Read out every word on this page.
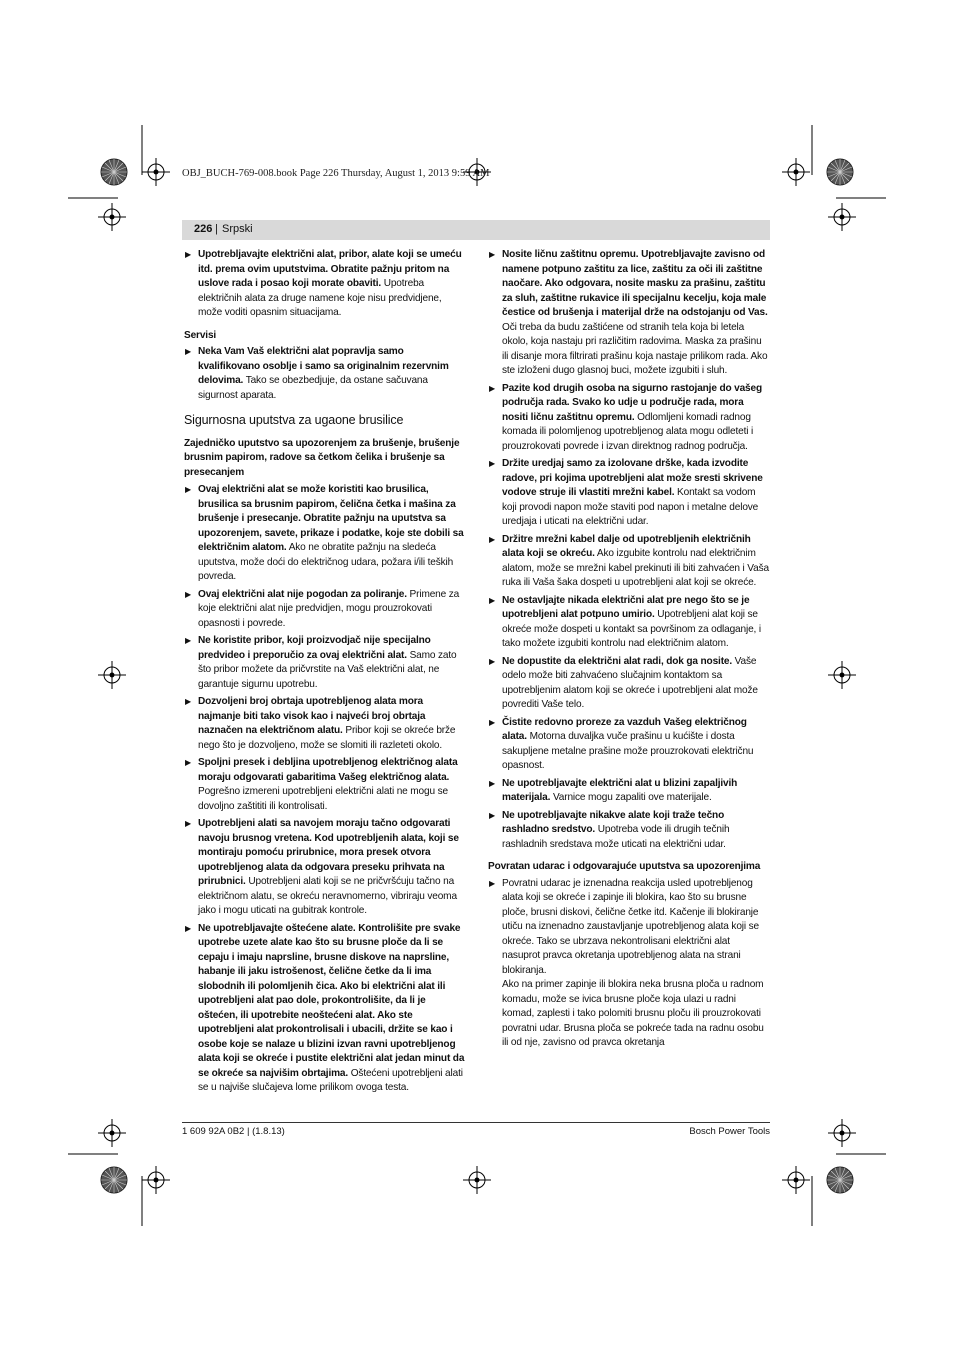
OBJ_BUCH-769-008.book Page 226 Thursday, August 1, 2013 9:59 AM
226 | Srpski
▶ Upotrebljavajte električni alat, pribor, alate koji se umeću itd. prema ovim uputstvima. Obratite pažnju pritom na uslove rada i posao koji morate obaviti. Upotreba električnih alata za druge namene koje nisu predvidjene, može voditi opasnim situacijama.
Servisi
▶ Neka Vam Vaš električni alat popravlja samo kvalifikovano osoblje i samo sa originalnim rezervnim delovima. Tako se obezbedjuje, da ostane sačuvana sigurnost aparata.
Sigurnosna uputstva za ugaone brusilice
Zajedničko uputstvo sa upozorenjem za brušenje, brušenje brusnim papirom, radove sa četkom čelika i brušenje sa presecanjem
▶ Ovaj električni alat se može koristiti kao brusilica, brusilica sa brusnim papirom, čelična četka i mašina za brušenje i presecanje. Obratite pažnju na uputstva sa upozorenjem, savete, prikaze i podatke, koje ste dobili sa električnim alatom. Ako ne obratite pažnju na sledeća uputstva, može doći do električnog udara, požara i/ili teških povreda.
▶ Ovaj električni alat nije pogodan za poliranje. Primene za koje električni alat nije predvidjen, mogu prouzrokovati opasnosti i povrede.
▶ Ne koristite pribor, koji proizvodjač nije specijalno predvideo i preporučio za ovaj električni alat. Samo zato što pribor možete da pričvrstite na Vaš električni alat, ne garantuje sigurnu upotrebu.
▶ Dozvoljeni broj obrtaja upotrebljenog alata mora najmanje biti tako visok kao i najveći broj obrtaja naznačen na električnom alatu. Pribor koji se okreće brže nego što je dozvoljeno, može se slomiti ili razleteti okolo.
▶ Spoljni presek i debljina upotrebljenog električnog alata moraju odgovarati gabaritima Vašeg električnog alata. Pogrešno izmereni upotrebljeni električni alati ne mogu se dovoljno zaštititi ili kontrolisati.
▶ Upotrebljeni alati sa navojem moraju tačno odgovarati navoju brusnog vretena. Kod upotrebljenih alata, koji se montiraju pomoću prirubnice, mora presek otvora upotrebljenog alata da odgovara preseku prihvata na prirubnici. Upotrebljeni alati koji se ne pričvršćuju tačno na električnom alatu, se okreću neravnomerno, vibriraju veoma jako i mogu uticati na gubitrak kontrole.
▶ Ne upotrebljavajte oštećene alate. Kontrolišite pre svake upotrebe uzete alate kao što su brusne ploče da li se cepaju i imaju naprsline, brusne diskove na naprsline, habanje ili jaku istrošenost, čelične četke da li ima slobodnih ili polomljenih čica. Ako bi električni alat ili upotrebljeni alat pao dole, prokontrolišite, da li je oštećen, ili upotrebite neoštećeni alat. Ako ste upotrebljeni alat prokontrolisali i ubacili, držite se kao i osobe koje se nalaze u blizini izvan ravni upotrebljenog alata koji se okreće i pustite električni alat jedan minut da se okreće sa najvišim obrtajima. Oštećeni upotrebljeni alati se u najviše slučajeva lome prilikom ovoga testa.
▶ Nosite ličnu zaštitnu opremu. Upotrebljavajte zavisno od namene potpuno zaštitu za lice, zaštitu za oči ili zaštitne naočare. Ako odgovara, nosite masku za prašinu, zaštitu za sluh, zaštitne rukavice ili specijalnu kecelju, koja male čestice od brušenja i materijal drže na odstojanju od Vas. Oči treba da budu zaštićene od stranih tela koja bi letela okolo, koja nastaju pri različitim radovima. Maska za prašinu ili disanje mora filtrirati prašinu koja nastaje prilikom rada. Ako ste izloženi dugo glasnoj buci, možete izgubiti i sluh.
▶ Pazite kod drugih osoba na sigurno rastojanje do vašeg područja rada. Svako ko udje u područje rada, mora nositi ličnu zaštitnu opremu. Odlomljeni komadi radnog komada ili polomljenog upotrebljenog alata mogu odleteti i prouzrokovati povrede i izvan direktnog radnog područja.
▶ Držite uredjaj samo za izolovane drške, kada izvodite radove, pri kojima upotrebljeni alat može sresti skrivene vodove struje ili vlastiti mrežni kabel. Kontakt sa vodom koji provodi napon može staviti pod napon i metalne delove uredjaja i uticati na električni udar.
▶ Držitre mrežni kabel dalje od upotrebljenih električnih alata koji se okreću. Ako izgubite kontrolu nad električnim alatom, može se mrežni kabel prekinuti ili biti zahvaćen i Vaša ruka ili Vaša šaka dospeti u upotrebljeni alat koji se okreće.
▶ Ne ostavljajte nikada električni alat pre nego što se je upotrebljeni alat potpuno umirio. Upotrebljeni alat koji se okreće može dospeti u kontakt sa površinom za odlaganje, i tako možete izgubiti kontrolu nad električnim alatom.
▶ Ne dopustite da električni alat radi, dok ga nosite. Vaše odelo može biti zahvaćeno slučajnim kontaktom sa upotrebljenim alatom koji se okreće i upotrebljeni alat može povrediti Vaše telo.
▶ Čistite redovno proreze za vazduh Vašeg električnog alata. Motorna duvaljka vuče prašinu u kućište i dosta sakupljene metalne prašine može prouzrokovati električnu opasnost.
▶ Ne upotrebljavajte električni alat u blizini zapaljivih materijala. Varnice mogu zapaliti ove materijale.
▶ Ne upotrebljavajte nikakve alate koji traže tečno rashladno sredstvo. Upotreba vode ili drugih tečnih rashladnih sredstava može uticati na električni udar.
Povratan udarac i odgovarajuće uputstva sa upozorenjima
▶ Povratni udarac je iznenadna reakcija usled upotrebljenog alata koji se okreće i zapinje ili blokira, kao što su brusne ploče, brusni diskovi, čelične četke itd. Kačenje ili blokiranje utiču na iznenadno zaustavljanje upotrebljenog alata koji se okreće. Tako se ubrzava nekontrolisani električni alat nasuprot pravca okretanja upotrebljenog alata na strani blokiranja.
Ako na primer zapinje ili blokira neka brusna ploča u radnom komadu, može se ivica brusne ploče koja ulazi u radni komad, zaplesti i tako polomiti brusnu ploču ili prouzrokovati povratni udar. Brusna ploča se pokreće tada na radnu osobu ili od nje, zavisno od pravca okretanja
1 609 92A 0B2 | (1.8.13)	Bosch Power Tools
